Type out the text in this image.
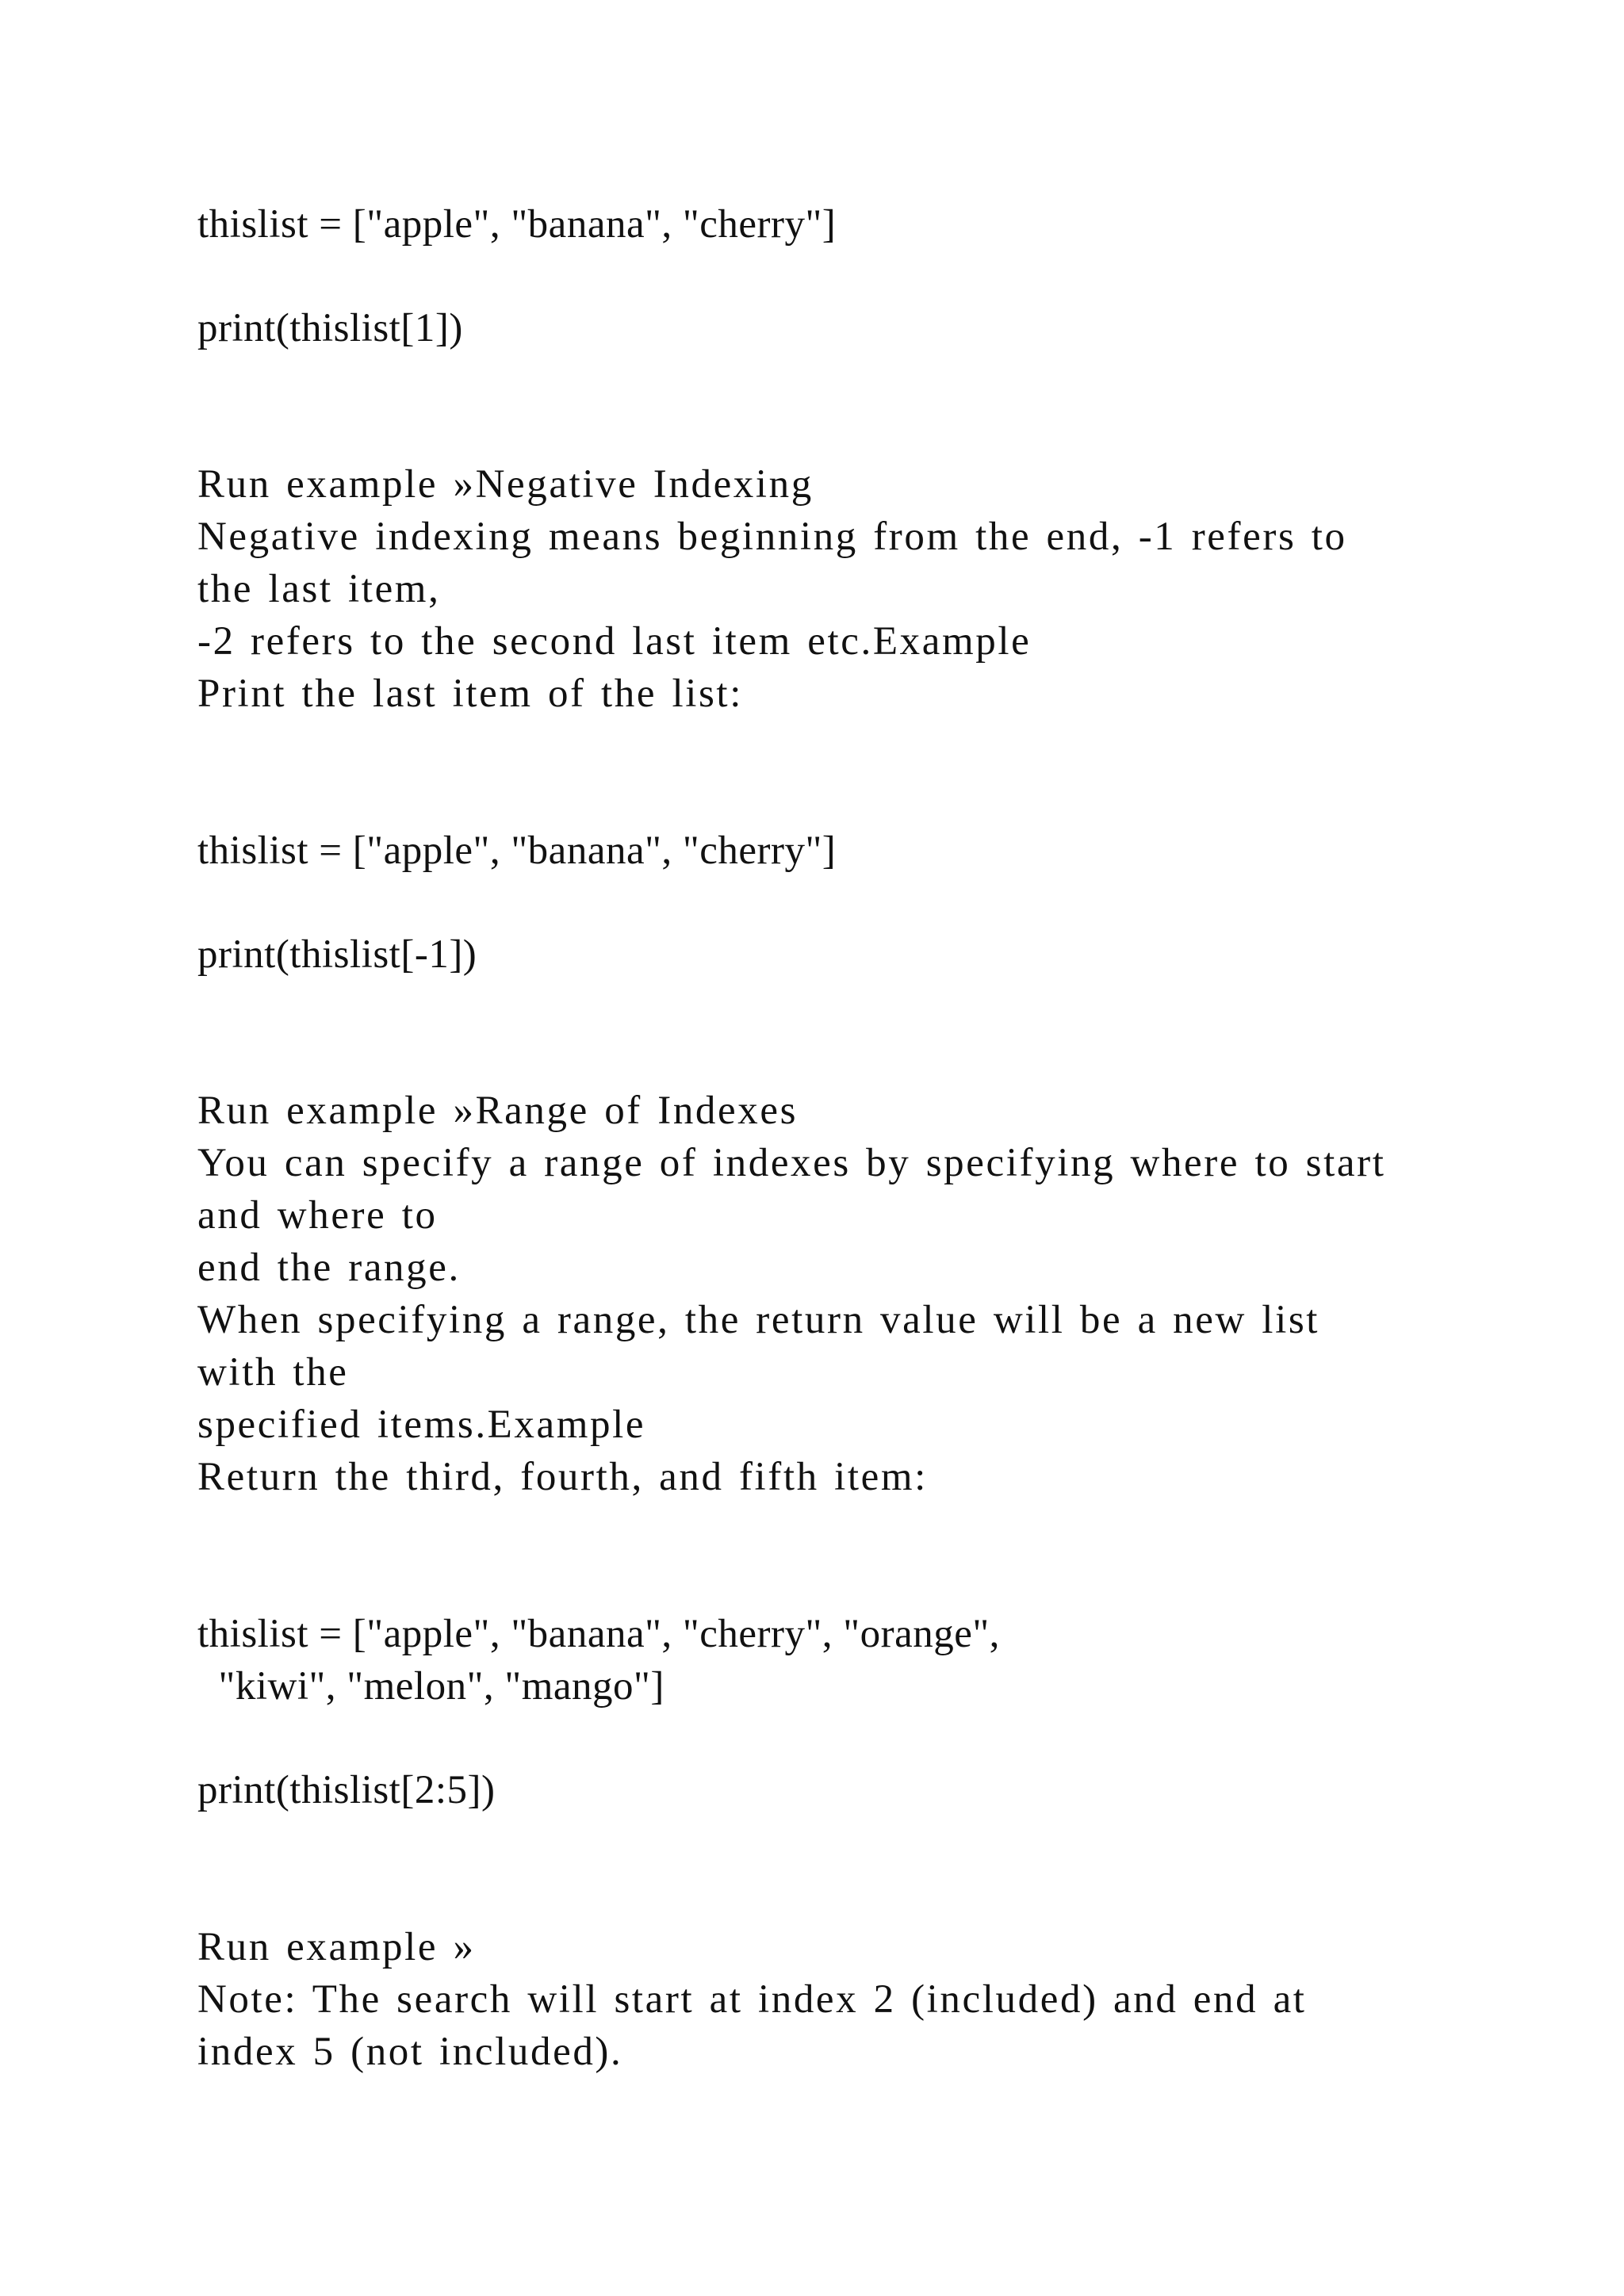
thislist = ["apple", "banana", "cherry"]

print(thislist[1])

Run example »Negative Indexing

Negative indexing means beginning from the end, -1 refers to

the last item,

-2 refers to the second last item etc.Example

Print the last item of the list:

thislist = ["apple", "banana", "cherry"]

print(thislist[-1])

Run example »Range of Indexes

You can specify a range of indexes by specifying where to start

and where to

end the range.

When specifying a range, the return value will be a new list

with the

specified items.Example

Return the third, fourth, and fifth item:

thislist = ["apple", "banana", "cherry", "orange",

"kiwi", "melon", "mango"]

print(thislist[2:5])

Run example »

Note: The search will start at index 2 (included) and end at

index 5 (not included).
